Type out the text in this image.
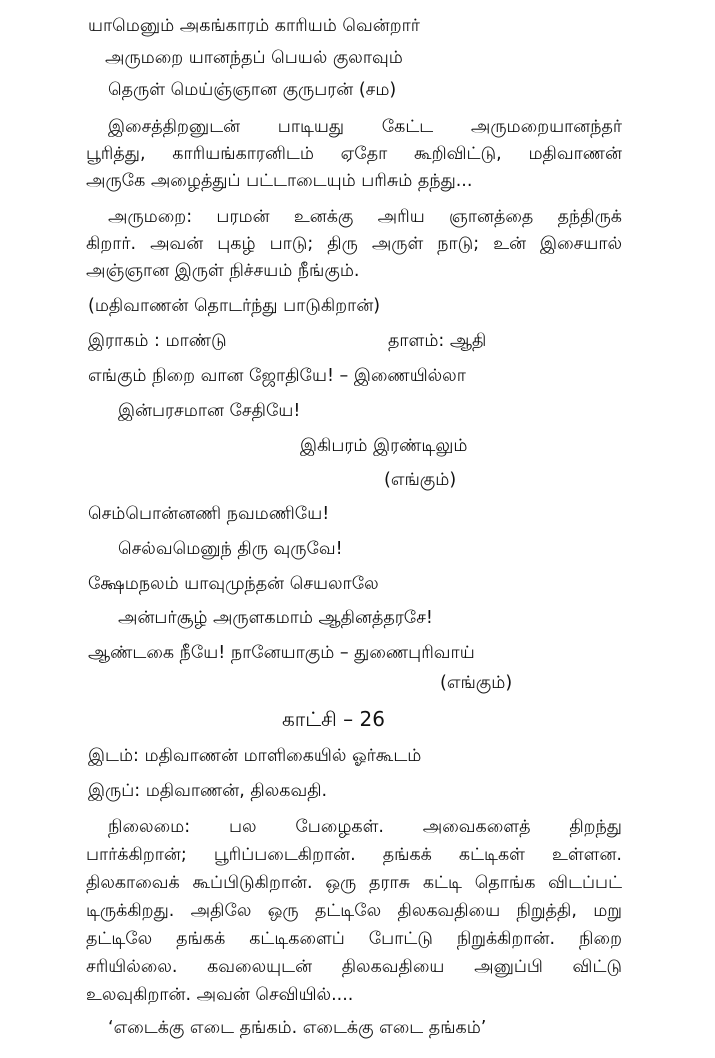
யாமெனும் அகங்காரம் காரியம் வென்றார்
அருமறை யானந்தப் பெயல் குலாவும்
தெருள் மெய்ஞ்ஞான குருபரன் (சம)
இசைத்திறனுடன் பாடியது கேட்ட அருமறையானந்தர்
பூரித்து, காரியங்காரனிடம் ஏதோ கூறிவிட்டு, மதிவாணன்
அருகே அழைத்துப் பட்டாடையும் பரிசும் தந்து...
அருமறை: பரமன் உனக்கு அரிய ஞானத்தை தந்திருக்
கிறார். அவன் புகழ் பாடு; திரு அருள் நாடு; உன் இசையால்
அஞ்ஞான இருள் நிச்சயம் நீங்கும்.
(மதிவாணன் தொடர்ந்து பாடுகிறான்)
இராகம் : மாண்டு	தாளம்: ஆதி
எங்கும் நிறை வான ஜோதியே! – இணையில்லா
இன்பரசமான சேதியே!
இகிபரம் இரண்டிலும்
(எங்கும்)
செம்பொன்னணி நவமணியே!
செல்வமெனுந் திரு வுருவே!
க்ஷேமநலம் யாவுமுந்தன் செயலாலே
அன்பர்சூழ் அருளகமாம் ஆதினத்தரசே!
ஆண்டகை நீயே! நானேயாகும் – துணைபுரிவாய்
(எங்கும்)
காட்சி – 26
இடம்: மதிவாணன் மாளிகையில் ஓர்கூடம்
இருப்: மதிவாணன், திலகவதி.
நிலைமை: பல பேழைகள். அவைகளைத் திறந்து
பார்க்கிறான்; பூரிப்படைகிறான். தங்கக் கட்டிகள் உள்ளன.
திலகாவைக் கூப்பிடுகிறான். ஒரு தராசு கட்டி தொங்க விடப்பட்
டிருக்கிறது. அதிலே ஒரு தட்டிலே திலகவதியை நிறுத்தி, மறு
தட்டிலே தங்கக் கட்டிகளைப் போட்டு நிறுக்கிறான். நிறை
சரியில்லை. கவலையுடன் திலகவதியை அனுப்பி விட்டு
உலவுகிறான். அவன் செவியில்....
‘எடைக்கு எடை தங்கம். எடைக்கு எடை தங்கம்’
